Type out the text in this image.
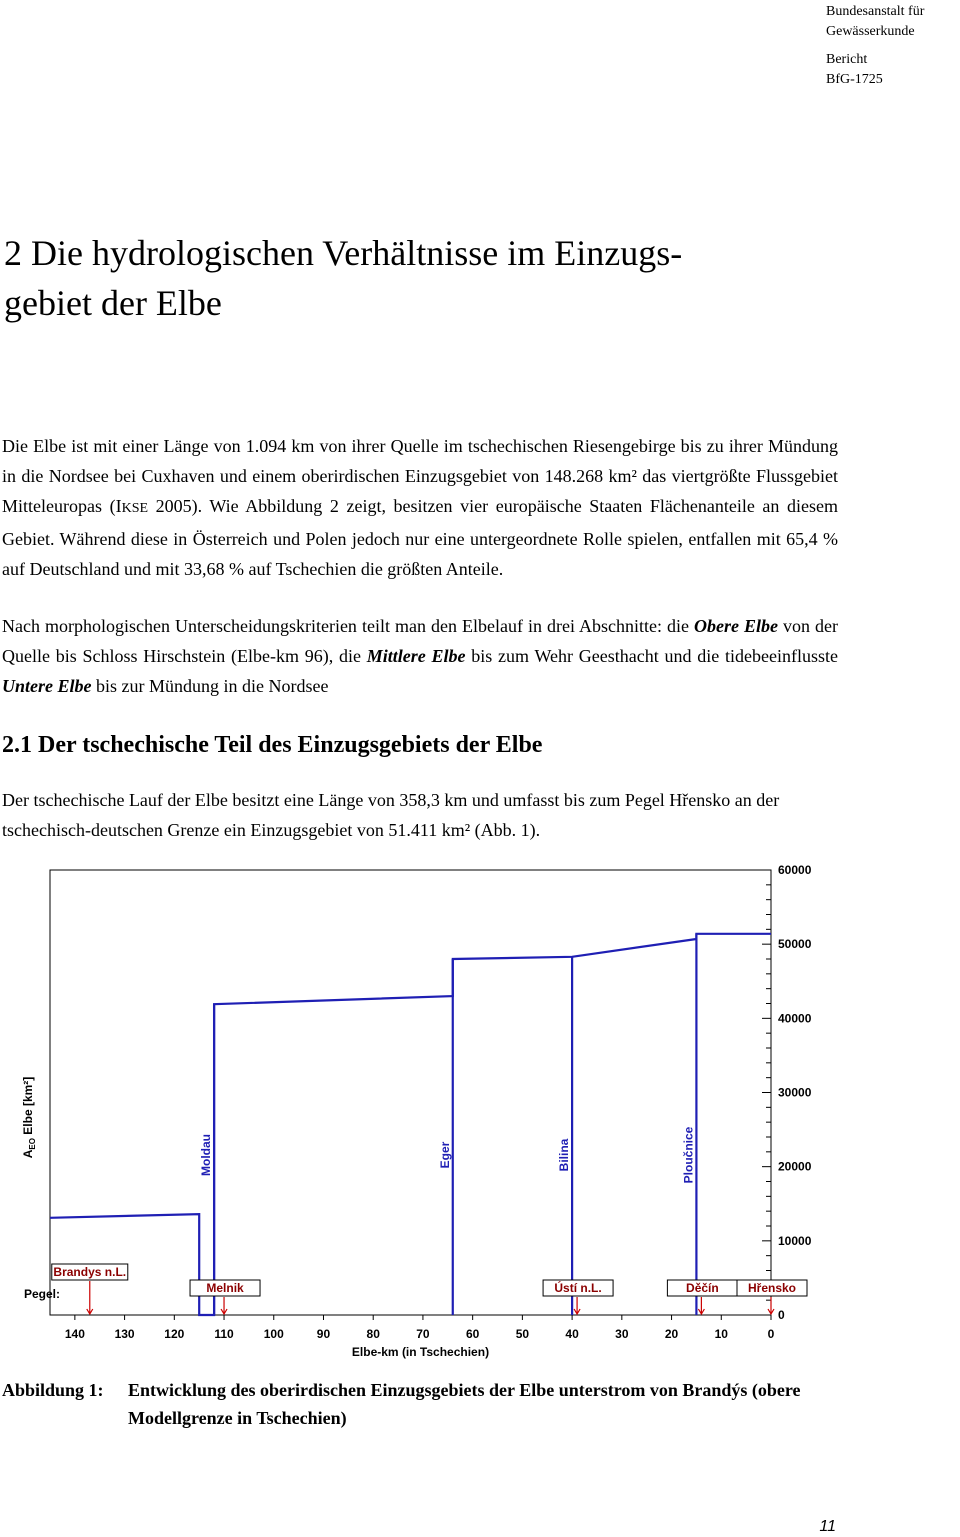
Bundesanstalt für
Gewässerkunde
Bericht
BfG-1725
2 Die hydrologischen Verhältnisse im Einzugs-
gebiet der Elbe

Die Elbe ist mit einer Länge von 1.094 km von ihrer Quelle im tschechischen Riesengebirge bis zu ihrer Mündung in die Nordsee bei Cuxhaven und einem oberirdischen Einzugsgebiet von 148.268 km² das viertgrößte Flussgebiet Mitteleuropas (IKSE 2005). Wie Abbildung 2 zeigt, besitzen vier europäische Staaten Flächenanteile an diesem Gebiet. Während diese in Österreich und Polen jedoch nur eine untergeordnete Rolle spielen, entfallen mit 65,4 % auf Deutschland und mit 33,68 % auf Tschechien die größten Anteile.

Nach morphologischen Unterscheidungskriterien teilt man den Elbelauf in drei Abschnitte: die Obere Elbe von der Quelle bis Schloss Hirschstein (Elbe-km 96), die Mittlere Elbe bis zum Wehr Geesthacht und die tidebeeinflusste Untere Elbe bis zur Mündung in die Nordsee

2.1 Der tschechische Teil des Einzugsgebiets der Elbe

Der tschechische Lauf der Elbe besitzt eine Länge von 358,3 km und umfasst bis zum Pegel Hřensko an der tschechisch-deutschen Grenze ein Einzugsgebiet von 51.411 km² (Abb. 1).

0
10000
20000
30000
40000
50000
60000
140 130 120	110	100	90	80	70	60	50	40	30	20	10	0
Moldau	Eger	Bilina	Ploučnice
Brandys n.L.
Melnik	Ústí n.L.	Děčín Hřensko
Elbe-km (in Tschechien)
$A_{EO}$ Elbe [km²]
Pegel:
Abbildung 1:	Entwicklung des oberirdischen Einzugsgebiets der Elbe unterstrom von Brandýs (obere Modellgrenze in Tschechien)
11
